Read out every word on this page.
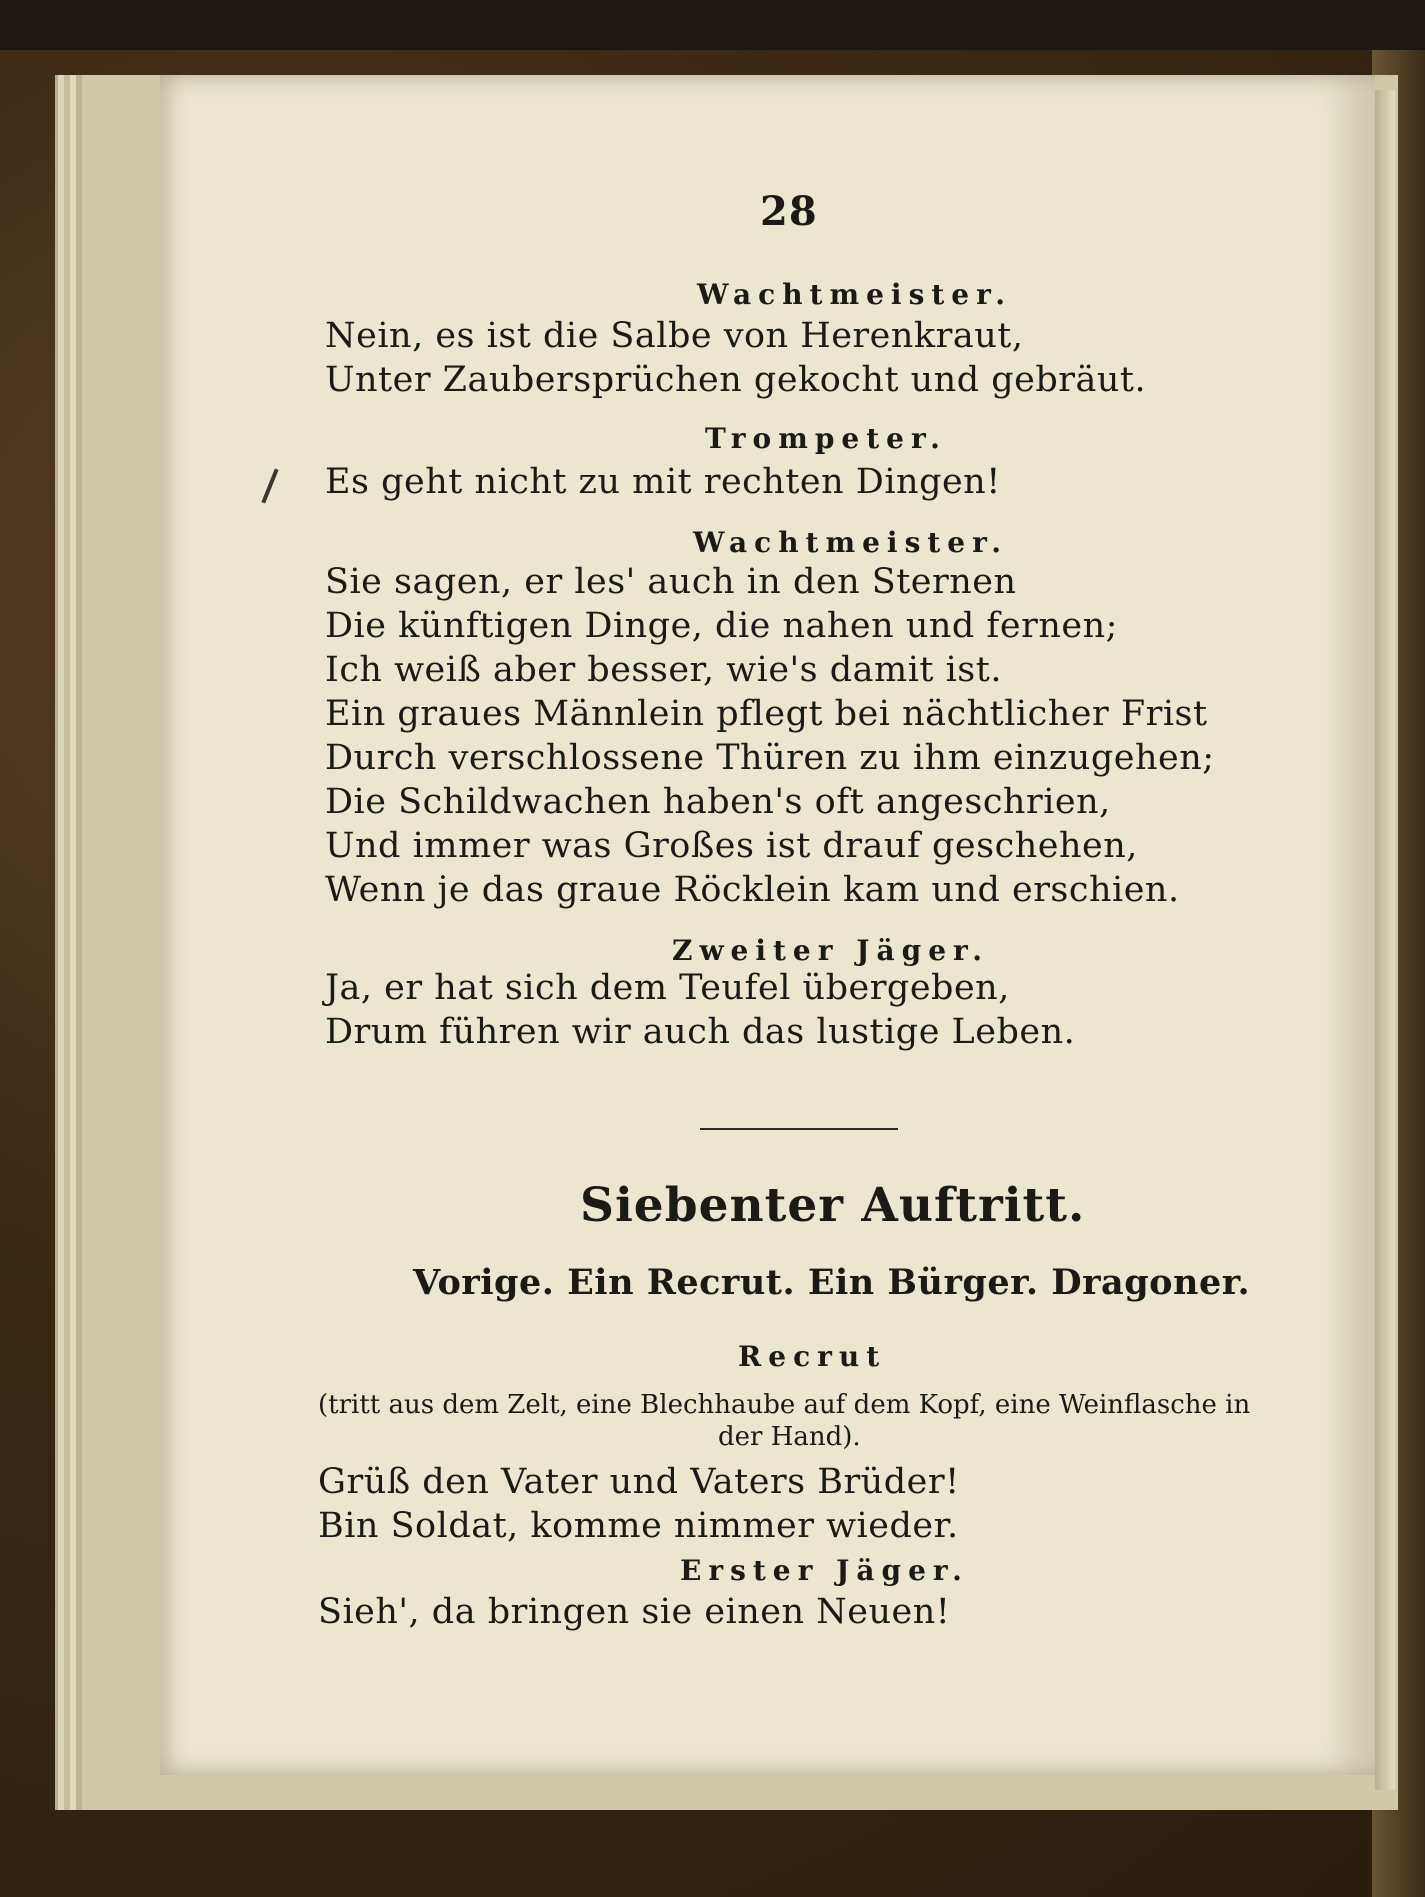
28
Wachtmeister.
Nein, es ist die Salbe von Herenkraut,
Unter Zaubersprüchen gekocht und gebräut.
Trompeter.
Es geht nicht zu mit rechten Dingen!
Wachtmeister.
Sie sagen, er les' auch in den Sternen
Die künftigen Dinge, die nahen und fernen;
Ich weiß aber besser, wie's damit ist.
Ein graues Männlein pflegt bei nächtlicher Frist
Durch verschlossene Thüren zu ihm einzugehen;
Die Schildwachen haben's oft angeschrien,
Und immer was Großes ist drauf geschehen,
Wenn je das graue Röcklein kam und erschien.
Zweiter Jäger.
Ja, er hat sich dem Teufel übergeben,
Drum führen wir auch das lustige Leben.
Siebenter Auftritt.
Vorige. Ein Recrut. Ein Bürger. Dragoner.
Recrut
(tritt aus dem Zelt, eine Blechhaube auf dem Kopf, eine Weinflasche in
der Hand).
Grüß den Vater und Vaters Brüder!
Bin Soldat, komme nimmer wieder.
Erster Jäger.
Sieh', da bringen sie einen Neuen!
